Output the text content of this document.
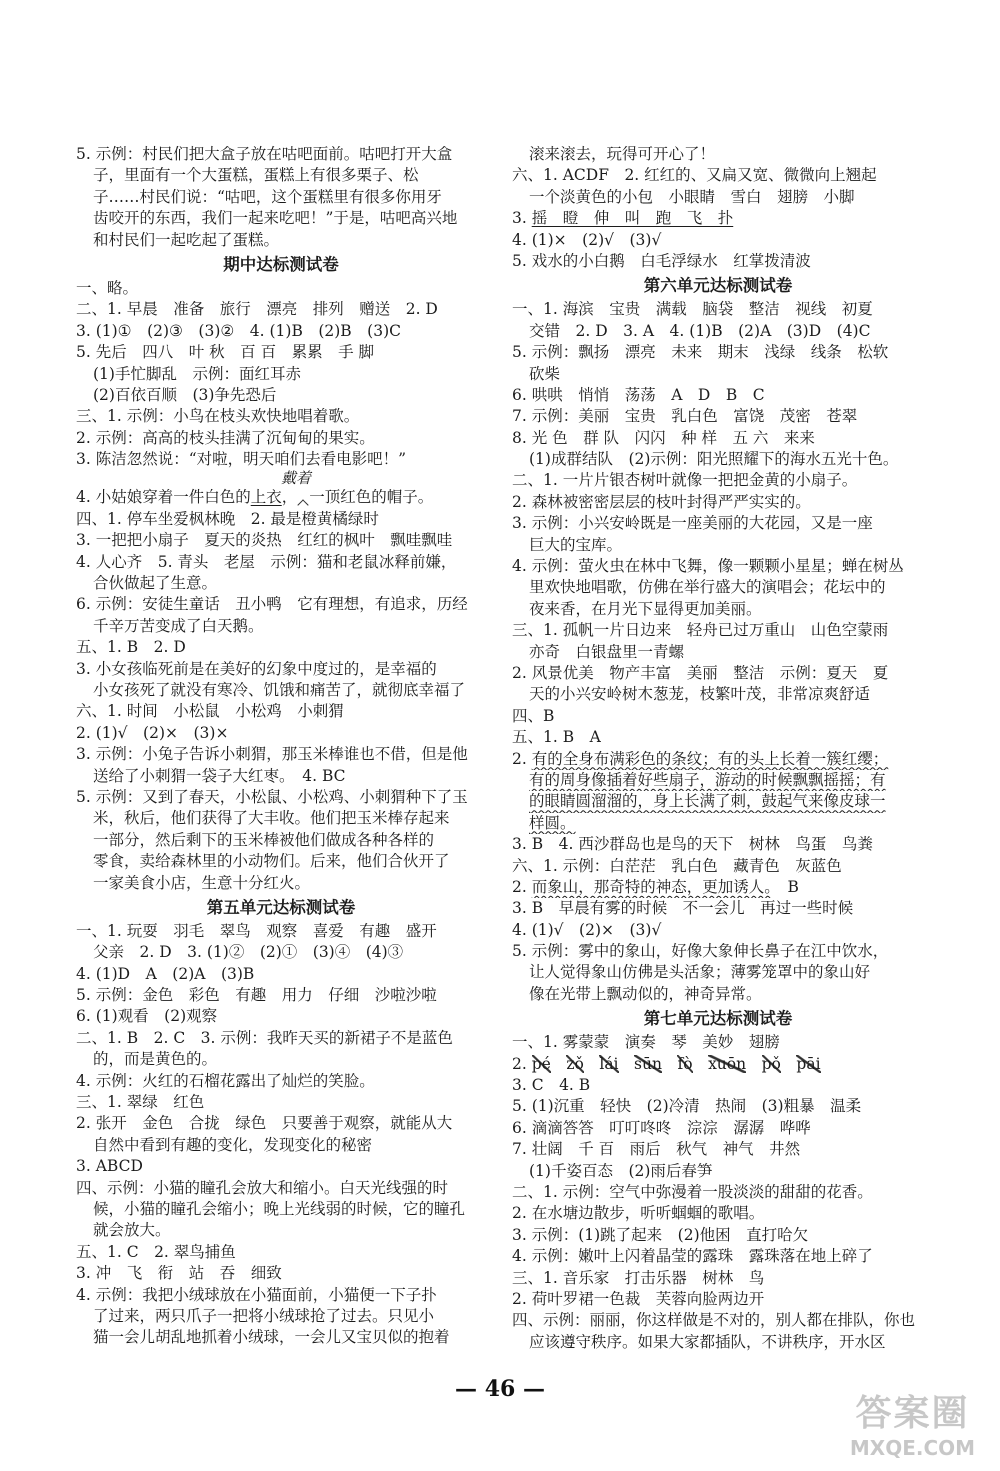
5. 示例：村民们把大盒子放在咕吧面前。咕吧打开大盒
子，里面有一个大蛋糕，蛋糕上有很多栗子、松
子……村民们说：“咕吧，这个蛋糕里有很多你用牙
齿咬开的东西，我们一起来吃吧！”于是，咕吧高兴地
和村民们一起吃起了蛋糕。
期中达标测试卷
一、略。
二、1. 早晨　准备　旅行　漂亮　排列　赠送　2. D
3. (1)①　(2)③　(3)②　4. (1)B　(2)B　(3)C
5. 先后　四八　叶 秋　百 百　累累　手 脚
(1)手忙脚乱　示例：面红耳赤
(2)百依百顺　(3)争先恐后
三、1. 示例：小鸟在枝头欢快地唱着歌。
2. 示例：高高的枝头挂满了沉甸甸的果实。
3. 陈洁忽然说：“对啦，明天咱们去看电影吧！”
戴着
4. 小姑娘穿着一件白色的上衣， 一顶红色的帽子。
四、1. 停车坐爱枫林晚　2. 最是橙黄橘绿时
3. 一把把小扇子　夏天的炎热　红红的枫叶　飘哇飘哇
4. 人心齐　5. 青头　老屋　示例：猫和老鼠冰释前嫌，
合伙做起了生意。
6. 示例：安徒生童话　丑小鸭　它有理想，有追求，历经
千辛万苦变成了白天鹅。
五、1. B　2. D
3. 小女孩临死前是在美好的幻象中度过的，是幸福的
小女孩死了就没有寒冷、饥饿和痛苦了，就彻底幸福了
六、1. 时间　小松鼠　小松鸡　小刺猬
2. (1)√　(2)×　(3)×
3. 示例：小兔子告诉小刺猬，那玉米棒谁也不借，但是他
送给了小刺猬一袋子大红枣。　4. BC
5. 示例：又到了春天，小松鼠、小松鸡、小刺猬种下了玉
米，秋后，他们获得了大丰收。他们把玉米棒存起来
一部分，然后剩下的玉米棒被他们做成各种各样的
零食，卖给森林里的小动物们。后来，他们合伙开了
一家美食小店，生意十分红火。
第五单元达标测试卷
一、1. 玩耍　羽毛　翠鸟　观察　喜爱　有趣　盛开
父亲　2. D　3. (1)②　(2)①　(3)④　(4)③
4. (1)D　A　(2)A　(3)B
5. 示例：金色　彩色　有趣　用力　仔细　沙啦沙啦
6. (1)观看　(2)观察
二、1. B　2. C　3. 示例：我昨天买的新裙子不是蓝色
的，而是黄色的。
4. 示例：火红的石榴花露出了灿烂的笑脸。
三、1. 翠绿　红色
2. 张开　金色　合拢　绿色　只要善于观察，就能从大
自然中看到有趣的变化，发现变化的秘密
3. ABCD
四、示例：小猫的瞳孔会放大和缩小。白天光线强的时
候，小猫的瞳孔会缩小；晚上光线弱的时候，它的瞳孔
就会放大。
五、1. C　2. 翠鸟捕鱼
3. 冲　飞　衔　站　吞　细致
4. 示例：我把小绒球放在小猫面前，小猫便一下子扑
了过来，两只爪子一把将小绒球抢了过去。只见小
猫一会儿胡乱地抓着小绒球，一会儿又宝贝似的抱着
滚来滚去，玩得可开心了！
六、1. ACDF　2. 红红的、又扁又宽、微微向上翘起
一个淡黄色的小包　小眼睛　雪白　翅膀　小脚
3. 摇　瞪　伸　叫　跑　飞　扑
4. (1)×　(2)√　(3)√
5. 戏水的小白鹅　白毛浮绿水　红掌拨清波
第六单元达标测试卷
一、1. 海滨　宝贵　满载　脑袋　整洁　视线　初夏
交错　2. D　3. A　4. (1)B　(2)A　(3)D　(4)C
5. 示例：飘扬　漂亮　未来　期末　浅绿　线条　松软
砍柴
6. 哄哄　悄悄　荡荡　A　D　B　C
7. 示例：美丽　宝贵　乳白色　富饶　茂密　苍翠
8. 光 色　群 队　闪闪　种 样　五 六　来来
(1)成群结队　(2)示例：阳光照耀下的海水五光十色。
二、1. 一片片银杏树叶就像一把把金黄的小扇子。
2. 森林被密密层层的枝叶封得严严实实的。
3. 示例：小兴安岭既是一座美丽的大花园，又是一座
巨大的宝库。
4. 示例：萤火虫在林中飞舞，像一颗颗小星星；蝉在树丛
里欢快地唱歌，仿佛在举行盛大的演唱会；花坛中的
夜来香，在月光下显得更加美丽。
三、1. 孤帆一片日边来　轻舟已过万重山　山色空蒙雨
亦奇　白银盘里一青螺
2. 风景优美　物产丰富　美丽　整洁　示例：夏天　夏
天的小兴安岭树木葱茏，枝繁叶茂，非常凉爽舒适
四、B
五、1. B　A
2. 有的全身布满彩色的条纹；有的头上长着一簇红缨；
有的周身像插着好些扇子，游动的时候飘飘摇摇；有
的眼睛圆溜溜的，身上长满了刺，鼓起气来像皮球一
样圆。
3. B　4. 西沙群岛也是鸟的天下　树林　鸟蛋　鸟粪
六、1. 示例：白茫茫　乳白色　藏青色　灰蓝色
2. 而象山，那奇特的神态，更加诱人。　B
3. B　早晨有雾的时候　不一会儿　再过一些时候
4. (1)√　(2)×　(3)√
5. 示例：雾中的象山，好像大象伸长鼻子在江中饮水，
让人觉得象山仿佛是头活象；薄雾笼罩中的象山好
像在光带上飘动似的，神奇异常。
第七单元达标测试卷
一、1. 雾蒙蒙　演奏　琴　美妙　翅膀
2. pé　 zǒ　 lái　 sūn　 fò　 xuōn　 pǒ　 pāi
3. C　4. B
5. (1)沉重　轻快　(2)冷清　热闹　(3)粗暴　温柔
6. 滴滴答答　叮叮咚咚　淙淙　潺潺　哗哗
7. 壮阔　千 百　雨后　秋气　神气　井然
(1)千姿百态　(2)雨后春笋
二、1. 示例：空气中弥漫着一股淡淡的甜甜的花香。
2. 在水塘边散步，听听蝈蝈的歌唱。
3. 示例：(1)跳了起来　(2)他困　直打哈欠
4. 示例：嫩叶上闪着晶莹的露珠　露珠落在地上碎了
三、1. 音乐家　打击乐器　树林　鸟
2. 荷叶罗裙一色裁　芙蓉向脸两边开
四、示例：丽丽，你这样做是不对的，别人都在排队，你也
应该遵守秩序。如果大家都插队，不讲秩序，开水区
— 46 —
答案圈
MXQE.COM
